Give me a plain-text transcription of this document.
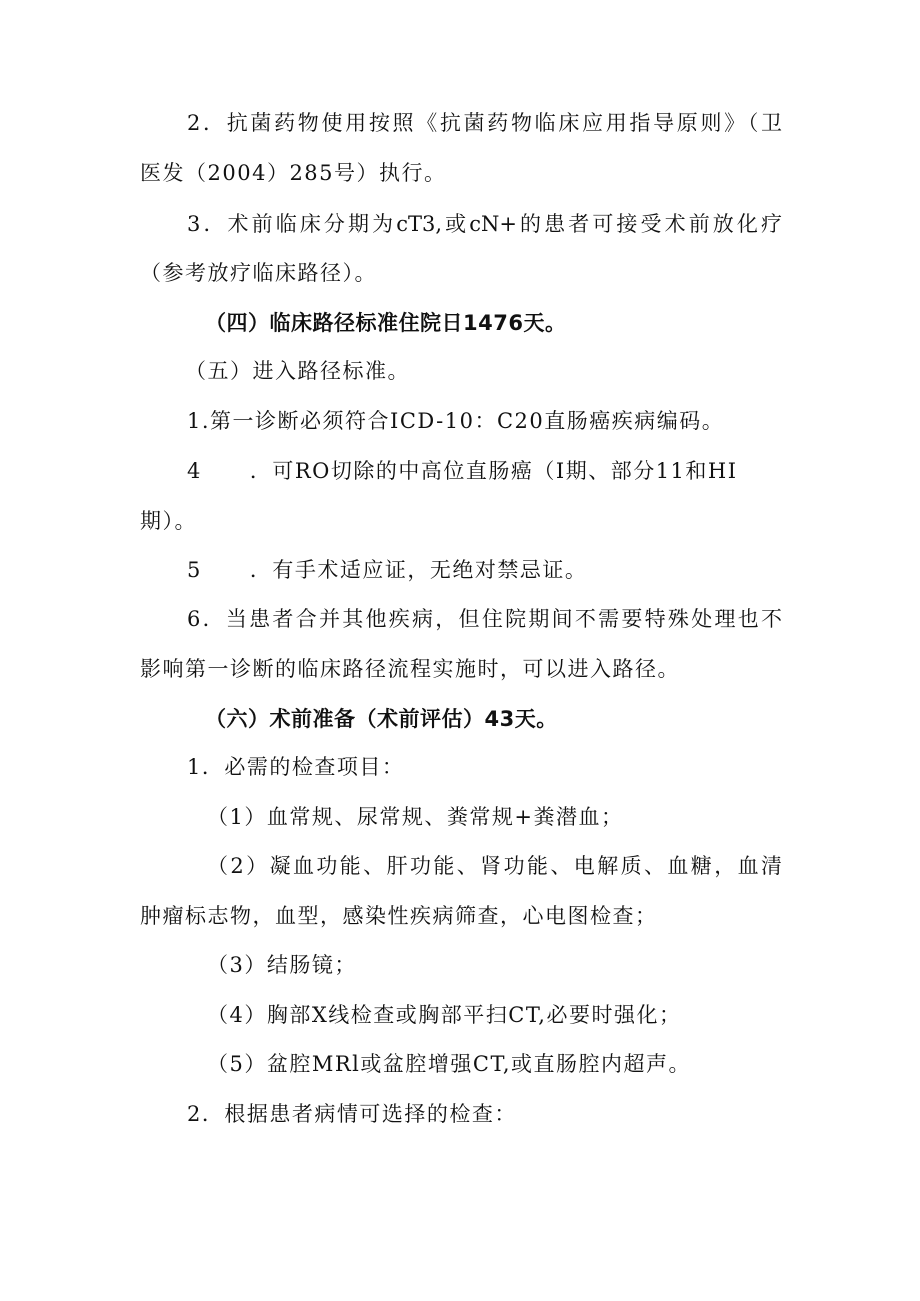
2．抗菌药物使用按照《抗菌药物临床应用指导原则》（卫
医发（2004）285号）执行。
3．术前临床分期为cT3,或cN+的患者可接受术前放化疗
（参考放疗临床路径）。
（四）临床路径标准住院日1476天。
（五）进入路径标准。
1.第一诊断必须符合ICD-10：C20直肠癌疾病编码。
4 ．可RO切除的中高位直肠癌（I期、部分11和HI
期）。
5 ．有手术适应证，无绝对禁忌证。
6．当患者合并其他疾病，但住院期间不需要特殊处理也不
影响第一诊断的临床路径流程实施时，可以进入路径。
（六）术前准备（术前评估）43天。
1．必需的检查项目：
（1）血常规、尿常规、粪常规+粪潜血；
（2）凝血功能、肝功能、肾功能、电解质、血糖，血清
肿瘤标志物，血型，感染性疾病筛查，心电图检查；
（3）结肠镜；
（4）胸部X线检查或胸部平扫CT,必要时强化；
（5）盆腔MRl或盆腔增强CT,或直肠腔内超声。
2．根据患者病情可选择的检查：
